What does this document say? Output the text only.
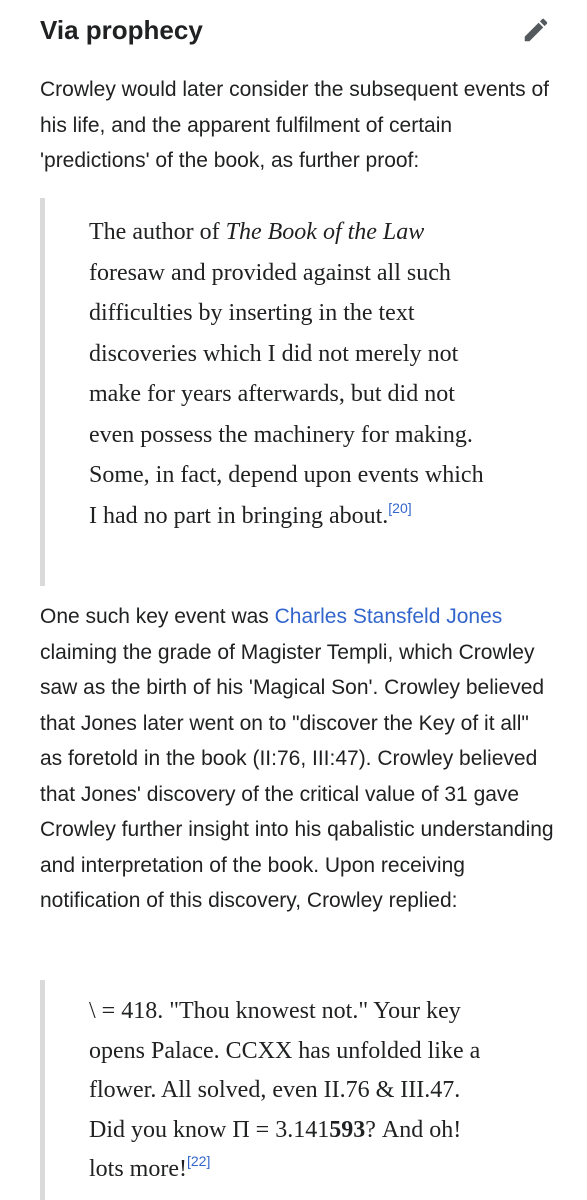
Via prophecy

Crowley would later consider the subsequent events of his life, and the apparent fulfilment of certain 'predictions' of the book, as further proof:

The author of The Book of the Law foresaw and provided against all such difficulties by inserting in the text discoveries which I did not merely not make for years afterwards, but did not even possess the machinery for making. Some, in fact, depend upon events which I had no part in bringing about.[20]

One such key event was Charles Stansfeld Jones claiming the grade of Magister Templi, which Crowley saw as the birth of his 'Magical Son'. Crowley believed that Jones later went on to "discover the Key of it all" as foretold in the book (II:76, III:47). Crowley believed that Jones' discovery of the critical value of 31 gave Crowley further insight into his qabalistic understanding and interpretation of the book. Upon receiving notification of this discovery, Crowley replied:

\ = 418. "Thou knowest not." Your key opens Palace. CCXX has unfolded like a flower. All solved, even II.76 & III.47. Did you know Π = 3.141593? And oh! lots more![22]
